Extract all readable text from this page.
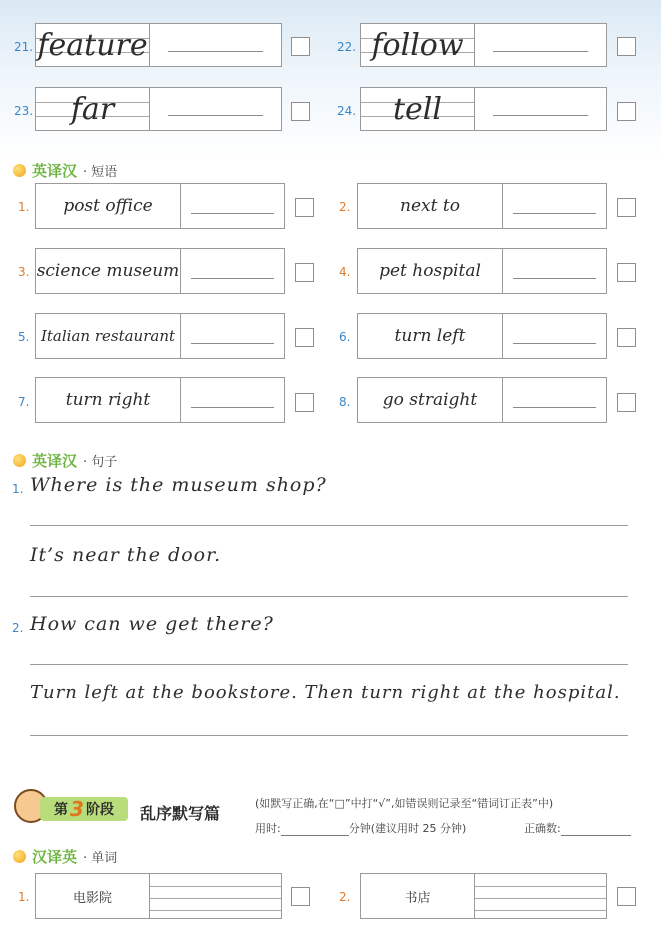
21. feature	22. follow
23. far	24. tell
英译汉 · 短语
1. post office	2.	next to
3. science museum	4. pet hospital
5. Italian restaurant	6.	turn left
7. turn right	8. go straight
英译汉 · 句子
1. Where is the museum shop?
It’s near the door.
2. How can we get there?
Turn left at the bookstore. Then turn right at the hospital.
第 3 阶段 乱序默写篇
(如默写正确,在“□”中打“√”,如错误则记录至“错词订正表”中)
用时:	分钟(建议用时 25 分钟)	正确数:
汉译英 · 单词
1.	电影院	2.	书店
